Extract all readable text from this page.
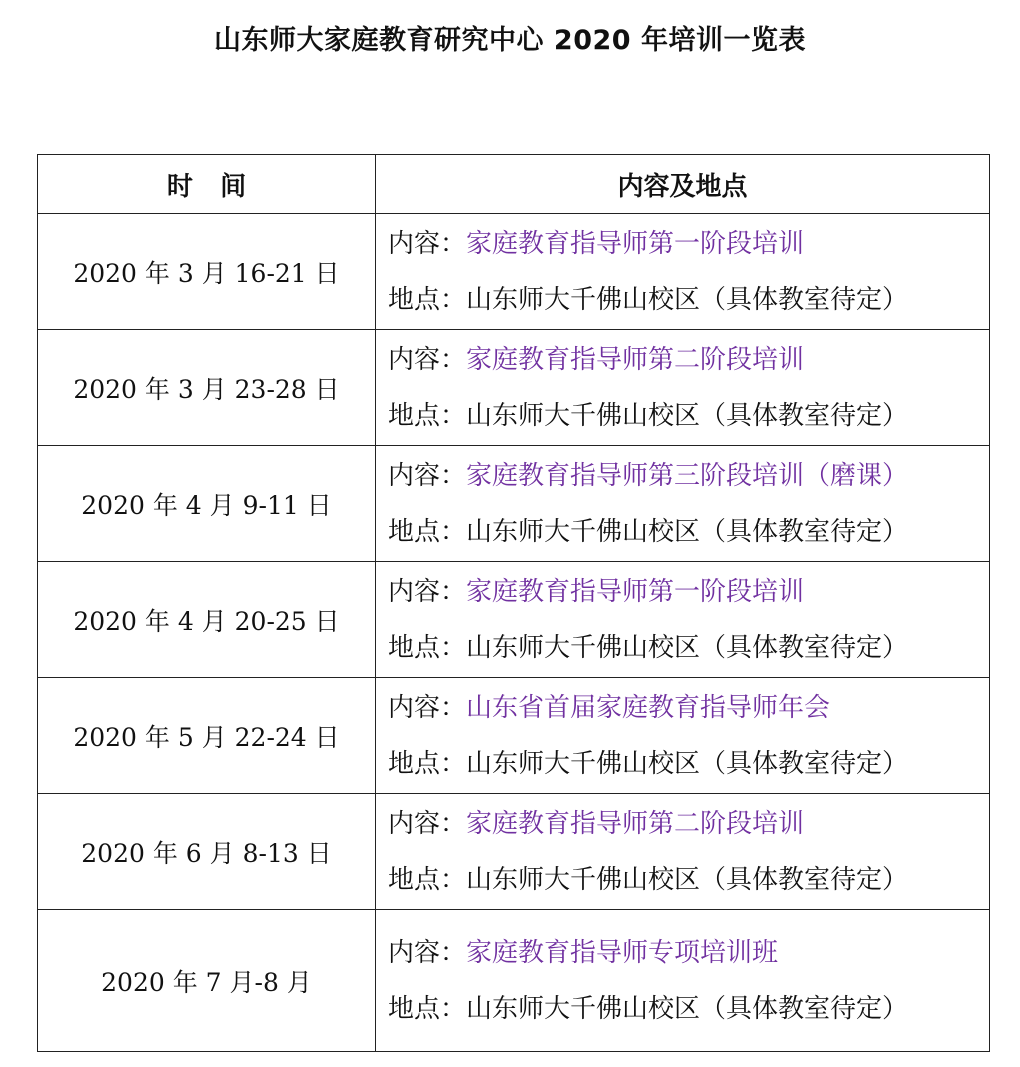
山东师大家庭教育研究中心 2020 年培训一览表
时   间	内容及地点
2020 年 3 月 16-21 日	内容：家庭教育指导师第一阶段培训
地点：山东师大千佛山校区（具体教室待定）

2020 年 3 月 23-28 日	内容：家庭教育指导师第二阶段培训
地点：山东师大千佛山校区（具体教室待定）

2020 年 4 月 9-11 日	内容：家庭教育指导师第三阶段培训（磨课）
地点：山东师大千佛山校区（具体教室待定）

2020 年 4 月 20-25 日	内容：家庭教育指导师第一阶段培训
地点：山东师大千佛山校区（具体教室待定）

2020 年 5 月 22-24 日	内容：山东省首届家庭教育指导师年会
地点：山东师大千佛山校区（具体教室待定）

2020 年 6 月 8-13 日	内容：家庭教育指导师第二阶段培训
地点：山东师大千佛山校区（具体教室待定）

2020 年 7 月-8 月	内容：家庭教育指导师专项培训班
地点：山东师大千佛山校区（具体教室待定）
